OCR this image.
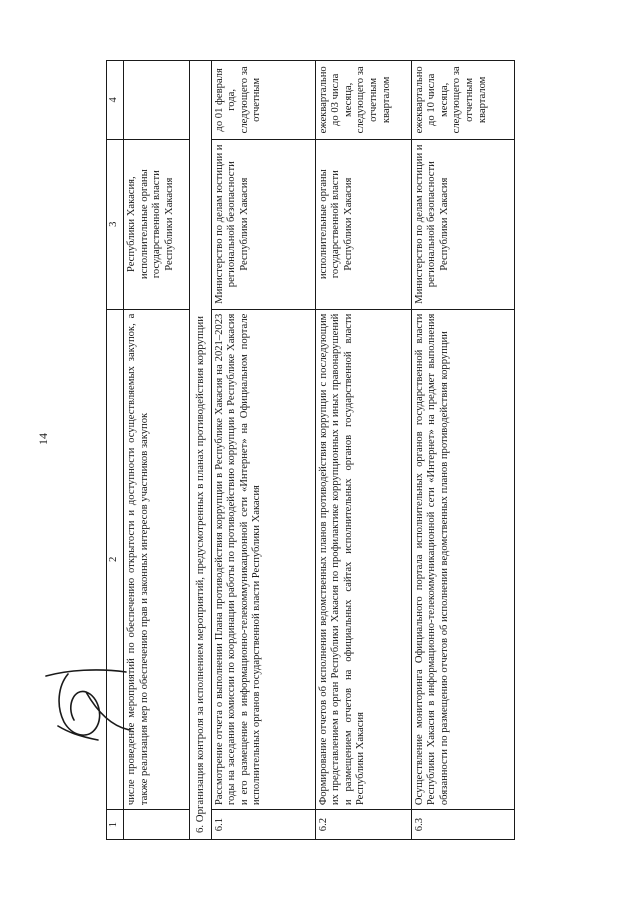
14
1	2	3	4
	числе проведение мероприятий по обеспечению открытости и доступности осуществляемых закупок, а также реализация мер по обеспечению прав и законных интересов участников закупок	Республики Хакасия, исполнительные органы государственной власти Республики Хакасия	
6. Организация контроля за исполнением мероприятий, предусмотренных в планах противодействия коррупции			
6.1	Рассмотрение отчета о выполнении Плана противодействия коррупции в Республике Хакасия на 2021–2023 годы на заседании комиссии по координации работы по противодействию коррупции в Республике Хакасия и его размещение в информационно-телекоммуникационной сети «Интернет» на Официальном портале исполнительных органов государственной власти Республики Хакасия	Министерство по делам юстиции и региональной безопасности Республики Хакасия	до 01 февраля года, следующего за отчетным
6.2	Формирование отчетов об исполнении ведомственных планов противодействия коррупции с последующим их представлением в орган Республики Хакасия по профилактике коррупционных и иных правонарушений и размещением отчетов на официальных сайтах исполнительных органов государственной власти Республики Хакасия	исполнительные органы государственной власти Республики Хакасия	ежеквартально до 03 числа месяца, следующего за отчетным кварталом
6.3	Осуществление мониторинга Официального портала исполнительных органов государственной власти Республики Хакасия в информационно-телекоммуникационной сети «Интернет» на предмет выполнения обязанности по размещению отчетов об исполнении ведомственных планов противодействия коррупции	Министерство по делам юстиции и региональной безопасности Республики Хакасия	ежеквартально до 10 числа месяца, следующего за отчетным кварталом
